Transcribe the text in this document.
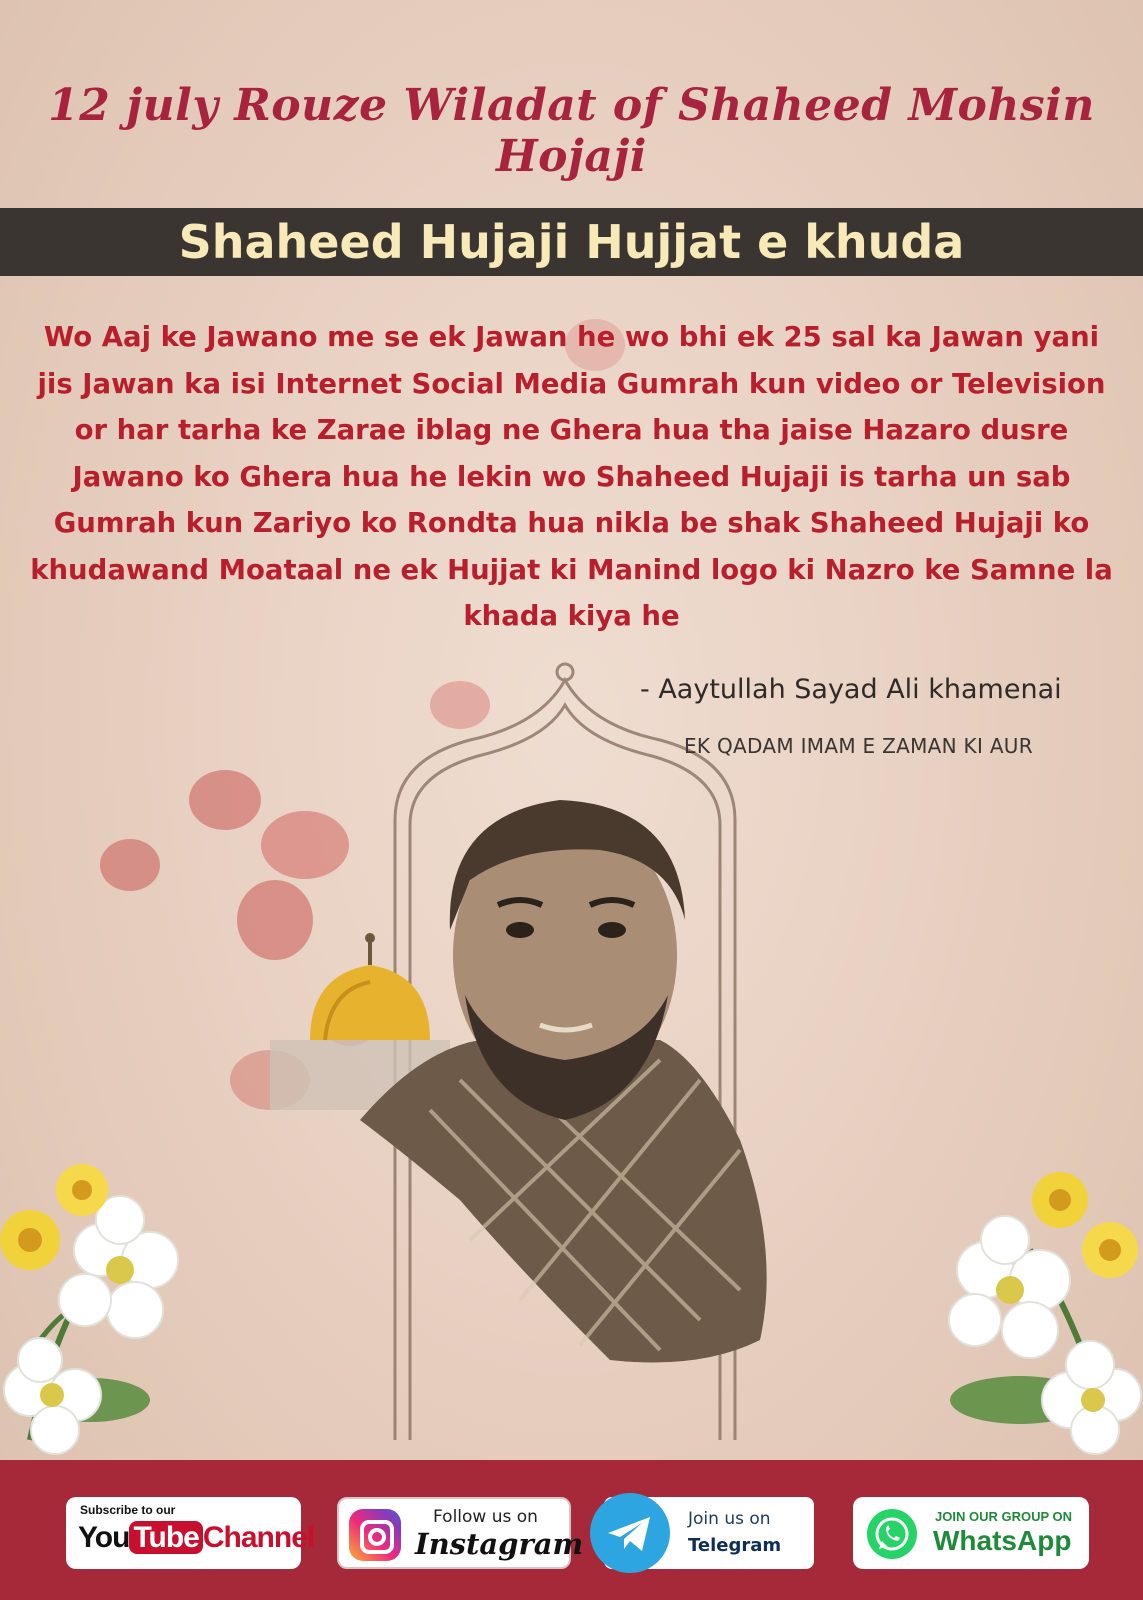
12 july Rouze Wiladat of Shaheed Mohsin Hojaji
Shaheed Hujaji Hujjat e khuda

Wo Aaj ke Jawano me se ek Jawan he wo bhi ek 25 sal ka Jawan yani jis Jawan ka isi Internet Social Media Gumrah kun video or Television or har tarha ke Zarae iblag ne Ghera hua tha jaise Hazaro dusre Jawano ko Ghera hua he lekin wo Shaheed Hujaji is tarha un sab Gumrah kun Zariyo ko Rondta hua nikla be shak Shaheed Hujaji ko khudawand Moataal ne ek Hujjat ki Manind logo ki Nazro ke Samne la khada kiya he

- Aaytullah Sayad Ali khamenai
EK QADAM IMAM E ZAMAN KI AUR
Subscribe to our
You Tube Channel
Follow us on
Instagram
Join us on
Telegram
JOIN OUR GROUP ON
WhatsApp
